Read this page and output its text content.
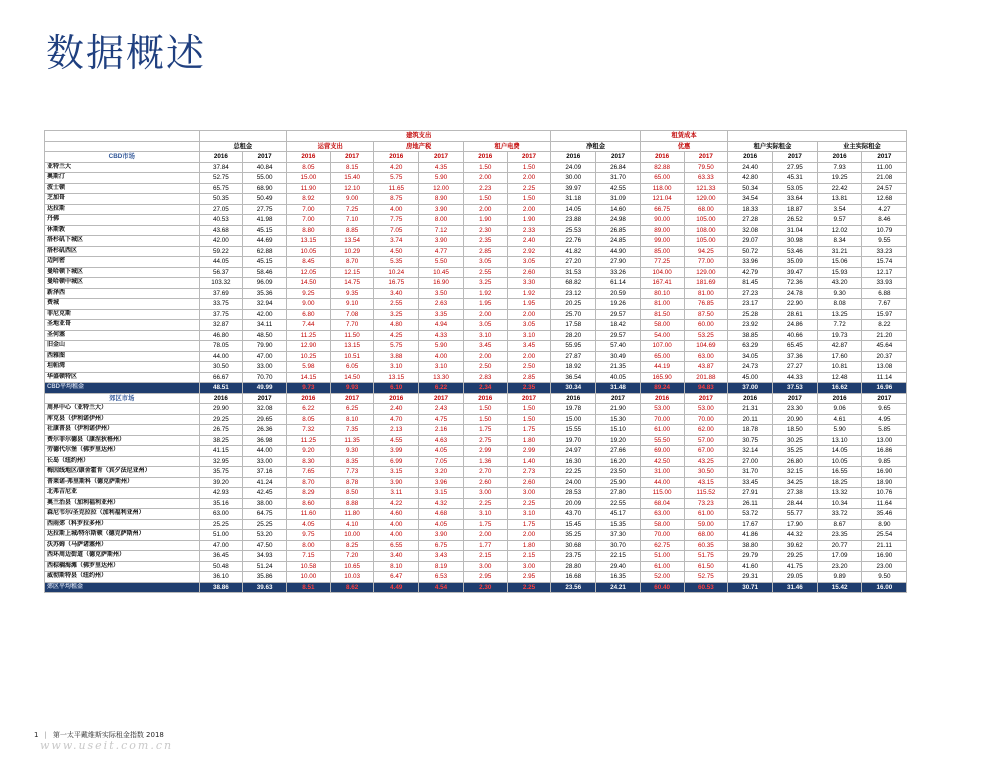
数据概述
			建筑支出								租赁成本					
	总租金		运营支出		房地产税		租户电费		净租金		优惠		租户实际租金		业主实际租金	
CBD市场	2016	2017	2016	2017	2016	2017	2016	2017	2016	2017	2016	2017	2016	2017	2016	2017
亚特兰大	37.84	40.84	8.05	8.15	4.20	4.35	1.50	1.50	24.09	26.84	82.88	79.50	24.40	27.95	7.93	11.00
奥斯汀	52.75	55.00	15.00	15.40	5.75	5.90	2.00	2.00	30.00	31.70	65.00	63.33	42.80	45.31	19.25	21.08
波士顿	65.75	68.90	11.90	12.10	11.65	12.00	2.23	2.25	39.97	42.55	118.00	121.33	50.34	53.05	22.42	24.57
芝加哥	50.35	50.49	8.92	9.00	8.75	8.90	1.50	1.50	31.18	31.09	121.04	129.00	34.54	33.64	13.81	12.68
达拉斯	27.05	27.75	7.00	7.25	4.00	3.90	2.00	2.00	14.05	14.60	66.75	68.00	18.33	18.87	3.54	4.27
丹佛	40.53	41.98	7.00	7.10	7.75	8.00	1.90	1.90	23.88	24.98	90.00	105.00	27.28	26.52	9.57	8.46
休斯敦	43.68	45.15	8.80	8.85	7.05	7.12	2.30	2.33	25.53	26.85	89.00	108.00	32.08	31.04	12.02	10.79
洛杉矶下城区	42.00	44.69	13.15	13.54	3.74	3.90	2.35	2.40	22.76	24.85	99.00	105.00	29.07	30.98	8.34	9.55
洛杉矶西区	59.22	62.88	10.05	10.29	4.50	4.77	2.85	2.92	41.82	44.90	85.00	94.25	50.72	53.46	31.21	33.23
迈阿密	44.05	45.15	8.45	8.70	5.35	5.50	3.05	3.05	27.20	27.90	77.25	77.00	33.96	35.09	15.06	15.74
曼哈顿下城区	56.37	58.46	12.05	12.15	10.24	10.45	2.55	2.60	31.53	33.26	104.00	129.00	42.79	39.47	15.93	12.17
曼哈顿中城区	103.32	96.09	14.50	14.75	16.75	16.90	3.25	3.30	68.82	61.14	167.41	181.69	81.45	72.36	43.20	33.93
新泽西	37.69	35.36	9.25	9.35	3.40	3.50	1.92	1.92	23.12	20.59	80.10	81.00	27.23	24.78	9.30	6.88
费城	33.75	32.94	9.00	9.10	2.55	2.63	1.95	1.95	20.25	19.26	81.00	76.85	23.17	22.90	8.08	7.67
菲尼克斯	37.75	42.00	6.80	7.08	3.25	3.35	2.00	2.00	25.70	29.57	81.50	87.50	25.28	28.61	13.25	15.97
圣地亚哥	32.87	34.11	7.44	7.70	4.80	4.94	3.05	3.05	17.58	18.42	58.00	60.00	23.92	24.86	7.72	8.22
圣何塞	46.80	48.50	11.25	11.50	4.25	4.33	3.10	3.10	28.20	29.57	54.00	53.25	38.85	40.66	19.73	21.20
旧金山	78.05	79.90	12.90	13.15	5.75	5.90	3.45	3.45	55.95	57.40	107.00	104.69	63.29	65.45	42.87	45.64
西雅图	44.00	47.00	10.25	10.51	3.88	4.00	2.00	2.00	27.87	30.49	65.00	63.00	34.05	37.36	17.60	20.37
坦帕湾	30.50	33.00	5.98	6.05	3.10	3.10	2.50	2.50	18.92	21.35	44.19	43.87	24.73	27.27	10.81	13.08
华盛顿特区	66.67	70.70	14.15	14.50	13.15	13.30	2.83	2.85	36.54	40.05	165.90	201.88	45.00	44.33	12.48	11.14
CBD平均租金	48.51	49.99	9.73	9.93	6.10	6.22	2.34	2.35	30.34	31.48	89.24	94.83	37.00	37.53	16.62	16.96
郊区市场	2016	2017	2016	2017	2016	2017	2016	2017	2016	2017	2016	2017	2016	2017	2016	2017
周界中心（亚特兰大）	29.90	32.08	6.22	6.25	2.40	2.43	1.50	1.50	19.78	21.90	53.00	53.00	21.31	23.30	9.06	9.65
库克县（伊利诺伊州）	29.25	29.65	8.05	8.10	4.70	4.75	1.50	1.50	15.00	15.30	70.00	70.00	20.11	20.90	4.61	4.95
社康普县（伊利诺伊州）	26.75	26.36	7.32	7.35	2.13	2.16	1.75	1.75	15.55	15.10	61.00	62.00	18.78	18.50	5.90	5.85
费尔菲尔德县（康涅狄格州）	38.25	36.98	11.25	11.35	4.55	4.63	2.75	1.80	19.70	19.20	55.50	57.00	30.75	30.25	13.10	13.00
劳德代尔堡（佛罗里达州）	41.15	44.00	9.20	9.30	3.99	4.05	2.99	2.99	24.97	27.66	69.00	67.00	32.14	35.25	14.05	16.86
长岛（纽约州）	32.95	33.00	8.30	8.35	6.99	7.05	1.36	1.40	16.30	16.20	42.50	43.25	27.00	26.80	10.05	9.85
梅因线地区/康舍霍肯（宾夕法尼亚州）	35.75	37.16	7.65	7.73	3.15	3.20	2.70	2.73	22.25	23.50	31.00	30.50	31.70	32.15	16.55	16.90
普莱诺-弗里斯科（德克萨斯州）	39.20	41.24	8.70	8.78	3.90	3.96	2.60	2.60	24.00	25.90	44.00	43.15	33.45	34.25	18.25	18.90
北弗吉尼亚	42.93	42.45	8.29	8.50	3.11	3.15	3.00	3.00	28.53	27.80	115.00	115.52	27.91	27.38	13.32	10.76
奥兰治县（加利福利亚州）	35.16	38.00	8.60	8.88	4.22	4.32	2.25	2.25	20.09	22.55	68.04	73.23	26.11	28.44	10.34	11.64
森尼韦尔/圣克拉拉（加利福利亚州）	63.00	64.75	11.60	11.80	4.60	4.68	3.10	3.10	43.70	45.17	63.00	61.00	53.72	55.77	33.72	35.46
西雨郊（科罗拉多州）	25.25	25.25	4.05	4.10	4.00	4.05	1.75	1.75	15.45	15.35	58.00	59.00	17.67	17.90	8.67	8.90
达拉斯上城/特尔斯顿（德克萨斯州）	51.00	53.20	9.75	10.00	4.00	3.90	2.00	2.00	35.25	37.30	70.00	68.00	41.86	44.32	23.35	25.54
沃苏姆（马萨诸塞州）	47.00	47.50	8.00	8.25	6.55	6.75	1.77	1.80	30.68	30.70	62.75	60.35	38.80	39.62	20.77	21.11
西环周边街道（德克萨斯州）	36.45	34.93	7.15	7.20	3.40	3.43	2.15	2.15	23.75	22.15	51.00	51.75	29.79	29.25	17.09	16.90
西棕榈海滩（佛罗里达州）	50.48	51.24	10.58	10.65	8.10	8.19	3.00	3.00	28.80	29.40	61.00	61.50	41.60	41.75	23.20	23.00
威彻斯特县（纽约州）	36.10	35.86	10.00	10.03	6.47	6.53	2.95	2.95	16.68	16.35	52.00	52.75	29.31	29.05	9.89	9.50
郊区平均租金	38.86	39.63	8.51	8.62	4.49	4.54	2.30	2.25	23.56	24.21	60.40	60.53	30.71	31.46	15.42	16.00
1 | 第一太平戴维斯实际租金指数 2018
www.useit.com.cn
